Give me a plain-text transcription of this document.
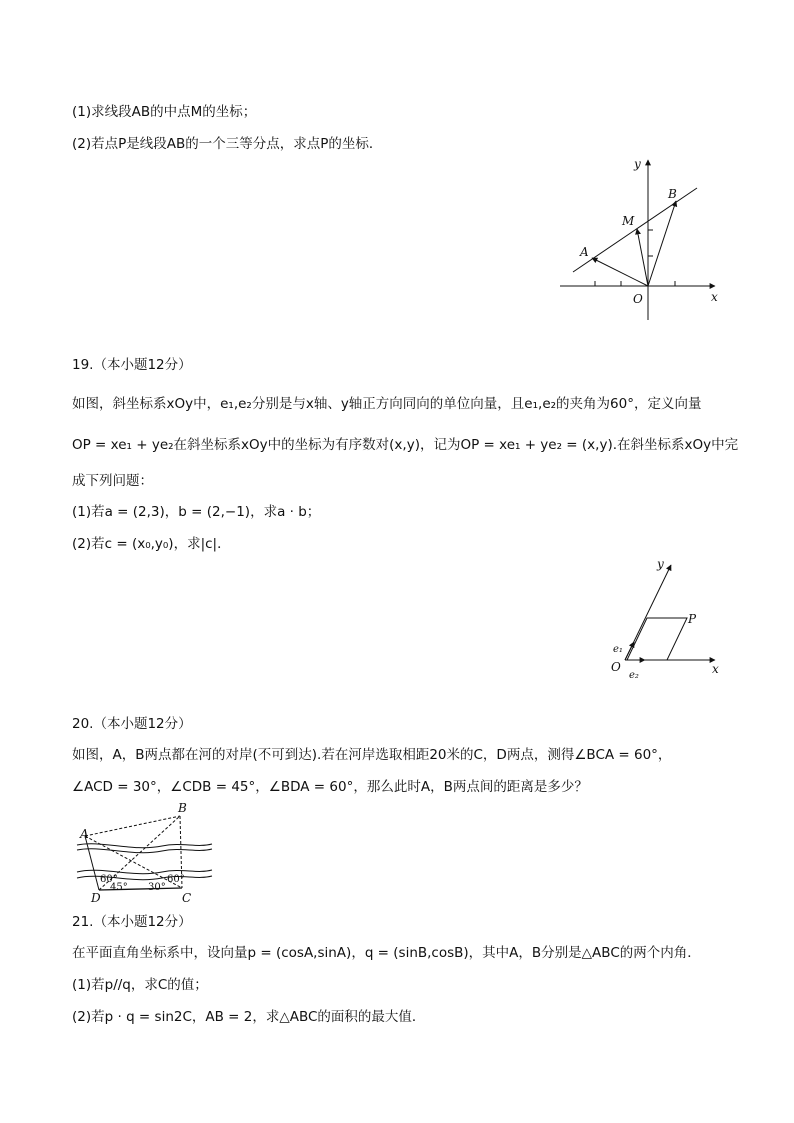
(1)求线段AB的中点M的坐标；
(2)若点P是线段AB的一个三等分点，求点P的坐标．
y
x
O
A
B
M
19.（本小题12分）
如图，斜坐标系xOy中，e₁,e₂分别是与x轴、y轴正方向同向的单位向量，且e₁,e₂的夹角为60°，定义向量
OP = xe₁ + ye₂在斜坐标系xOy中的坐标为有序数对(x,y)，记为OP = xe₁ + ye₂ = (x,y).在斜坐标系xOy中完
成下列问题：
(1)若a = (2,3)，b = (2,−1)，求a · b；
(2)若c = (x₀,y₀)，求|c|．
y
x
O
P
e₁
e₂
20.（本小题12分）
如图，A，B两点都在河的对岸(不可到达).若在河岸选取相距20米的C，D两点，测得∠BCA = 60°，
∠ACD = 30°，∠CDB = 45°，∠BDA = 60°，那么此时A，B两点间的距离是多少？
A
B
D	C
60°
45° 30°
60°
21.（本小题12分）
在平面直角坐标系中，设向量p = (cosA,sinA)，q = (sinB,cosB)，其中A，B分别是△ABC的两个内角．
(1)若p//q，求C的值；
(2)若p · q = sin2C，AB = 2，求△ABC的面积的最大值．
